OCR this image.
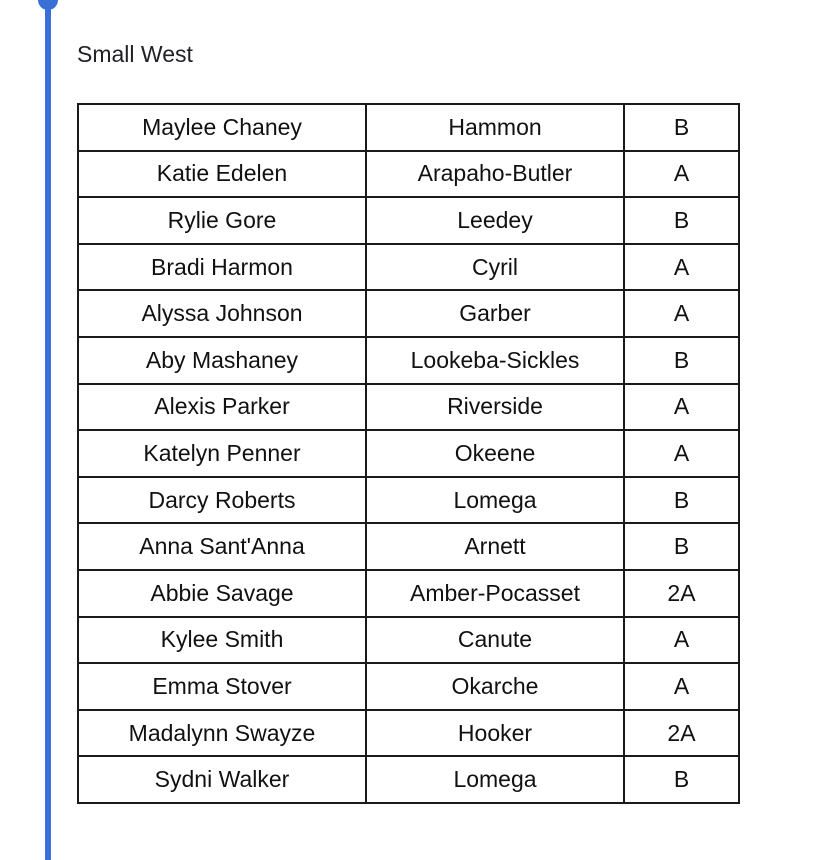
Small West
Maylee Chaney	Hammon	B
Katie Edelen	Arapaho-Butler	A
Rylie Gore	Leedey	B
Bradi Harmon	Cyril	A
Alyssa Johnson	Garber	A
Aby Mashaney	Lookeba-Sickles	B
Alexis Parker	Riverside	A
Katelyn Penner	Okeene	A
Darcy Roberts	Lomega	B
Anna Sant'Anna	Arnett	B
Abbie Savage	Amber-Pocasset	2A
Kylee Smith	Canute	A
Emma Stover	Okarche	A
Madalynn Swayze	Hooker	2A
Sydni Walker	Lomega	B
